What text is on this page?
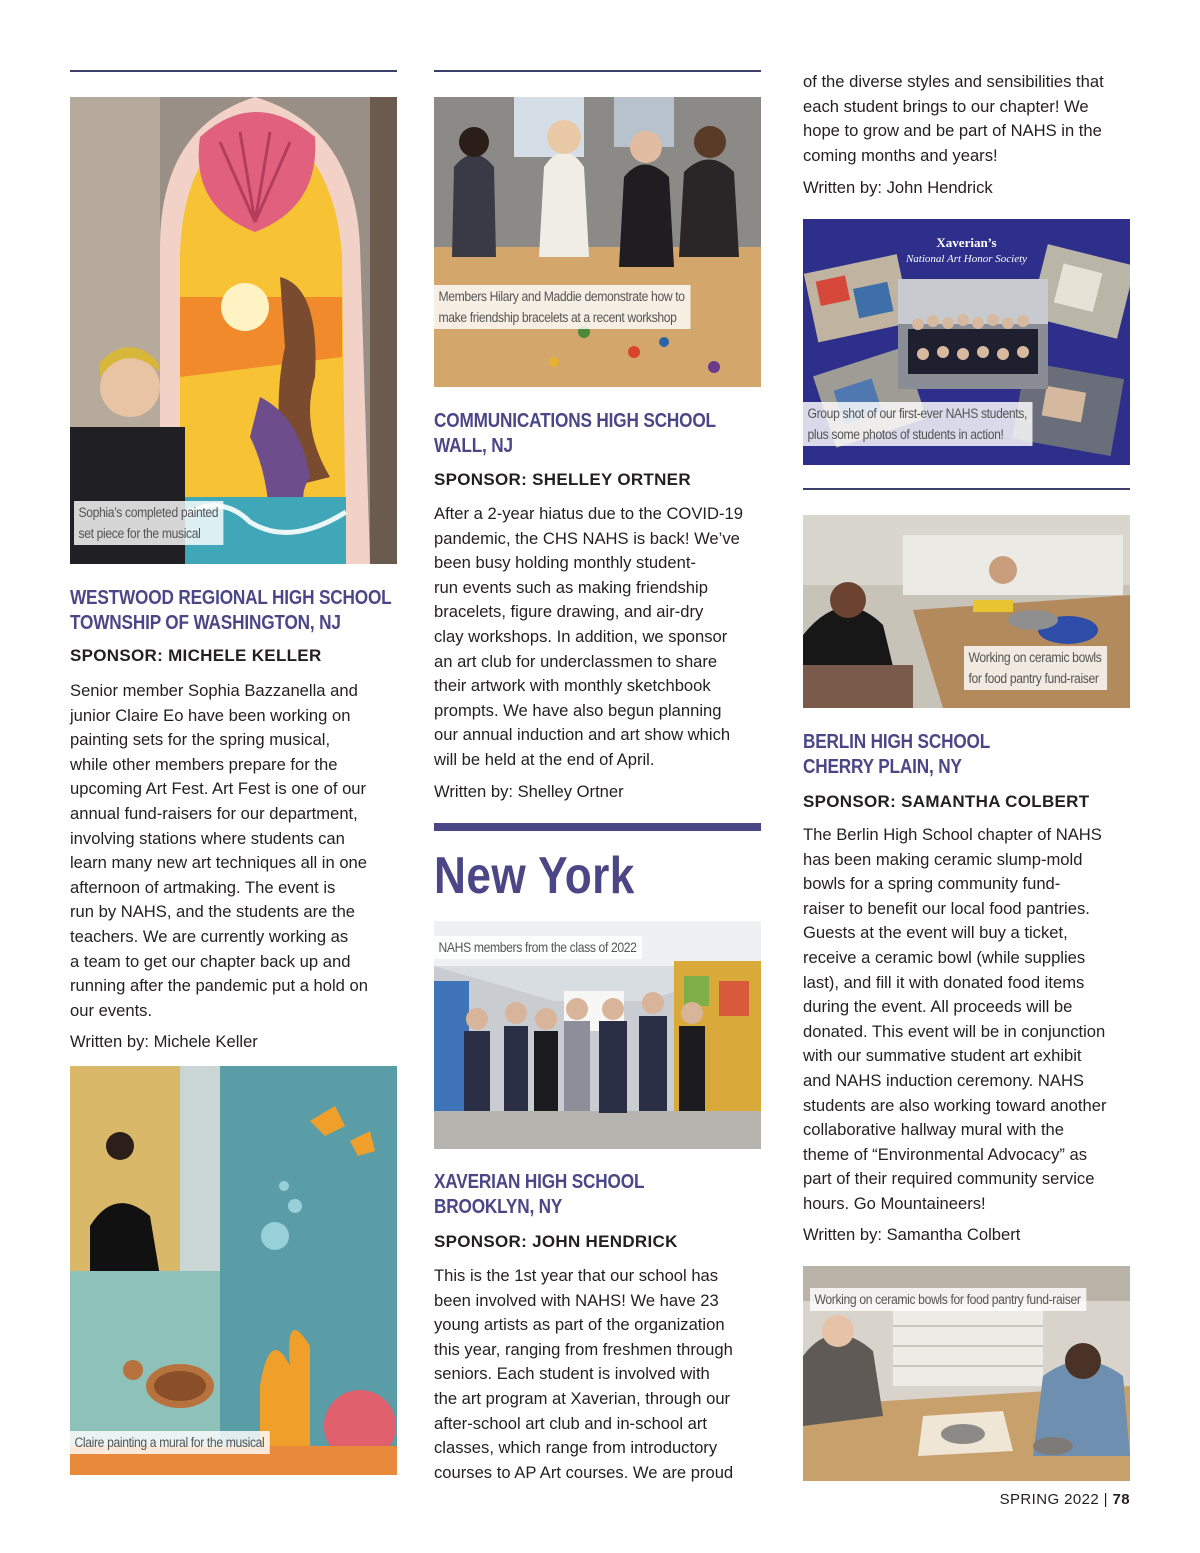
Sophia’s completed painted
set piece for the musical
WESTWOOD REGIONAL HIGH SCHOOL
TOWNSHIP OF WASHINGTON, NJ
SPONSOR: MICHELE KELLER

Senior member Sophia Bazzanella and

junior Claire Eo have been working on

painting sets for the spring musical,

while other members prepare for the

upcoming Art Fest. Art Fest is one of our

annual fund-raisers for our department,

involving stations where students can

learn many new art techniques all in one

afternoon of artmaking. The event is

run by NAHS, and the students are the

teachers. We are currently working as

a team to get our chapter back up and

running after the pandemic put a hold on

our events.

Written by: Michele Keller
Claire painting a mural for the musical
Members Hilary and Maddie demonstrate how to
make friendship bracelets at a recent workshop
COMMUNICATIONS HIGH SCHOOL
WALL, NJ
SPONSOR: SHELLEY ORTNER

After a 2-year hiatus due to the COVID-19

pandemic, the CHS NAHS is back! We’ve

been busy holding monthly student-

run events such as making friendship

bracelets, figure drawing, and air-dry

clay workshops. In addition, we sponsor

an art club for underclassmen to share

their artwork with monthly sketchbook

prompts. We have also begun planning

our annual induction and art show which

will be held at the end of April.

Written by: Shelley Ortner
New York
NAHS members from the class of 2022
XAVERIAN HIGH SCHOOL
BROOKLYN, NY
SPONSOR: JOHN HENDRICK

This is the 1st year that our school has

been involved with NAHS! We have 23

young artists as part of the organization

this year, ranging from freshmen through

seniors. Each student is involved with

the art program at Xaverian, through our

after-school art club and in-school art

classes, which range from introductory

courses to AP Art courses. We are proud

of the diverse styles and sensibilities that

each student brings to our chapter! We

hope to grow and be part of NAHS in the

coming months and years!

Written by: John Hendrick
Xaverian’s
National Art Honor Society
Group shot of our first-ever NAHS students,
plus some photos of students in action!
Working on ceramic bowls
for food pantry fund-raiser
BERLIN HIGH SCHOOL
CHERRY PLAIN, NY
SPONSOR: SAMANTHA COLBERT

The Berlin High School chapter of NAHS

has been making ceramic slump-mold

bowls for a spring community fund-

raiser to benefit our local food pantries.

Guests at the event will buy a ticket,

receive a ceramic bowl (while supplies

last), and fill it with donated food items

during the event. All proceeds will be

donated. This event will be in conjunction

with our summative student art exhibit

and NAHS induction ceremony. NAHS

students are also working toward another

collaborative hallway mural with the

theme of “Environmental Advocacy” as

part of their required community service

hours. Go Mountaineers!

Written by: Samantha Colbert
Working on ceramic bowls for food pantry fund-raiser
SPRING 2022 | 78
